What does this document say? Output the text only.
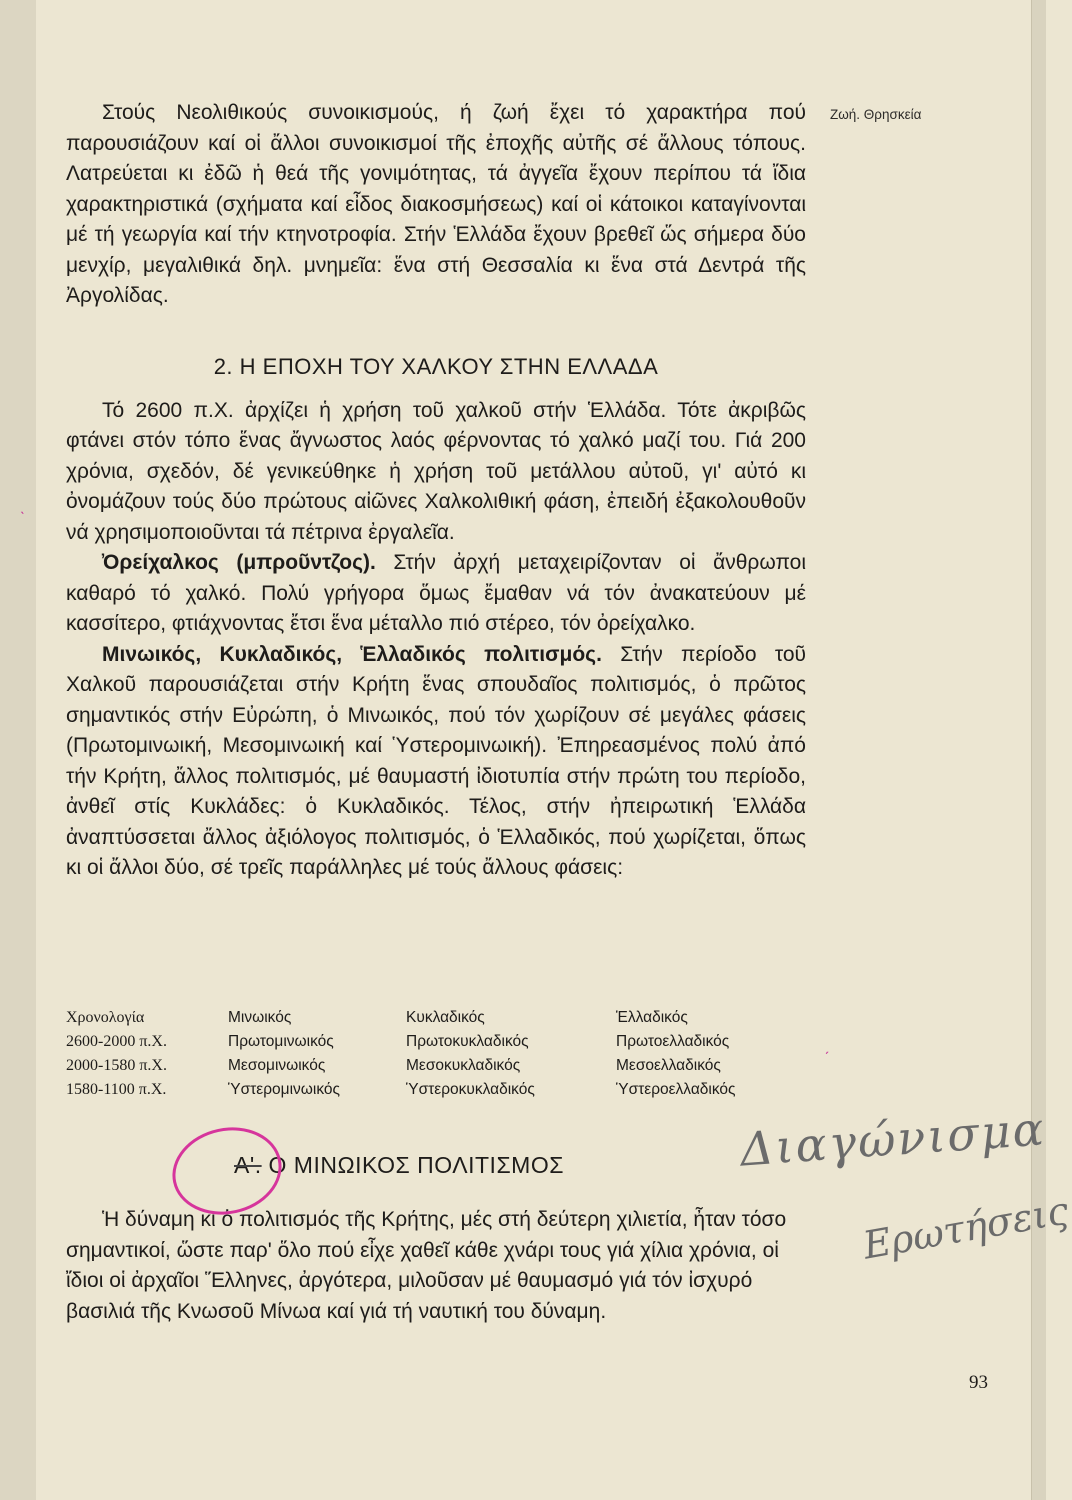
Ζωή. Θρησκεία

Στούς Νεολιθικούς συνοικισμούς, ή ζωή ἔχει τό χαρακτήρα πού παρουσιάζουν καί οἱ ἄλλοι συνοικισμοί τῆς ἐποχῆς αὐτῆς σέ ἄλλους τόπους. Λατρεύεται κι ἐδῶ ἡ θεά τῆς γονιμότητας, τά ἀγγεῖα ἔχουν περίπου τά ἴδια χαρακτηριστικά (σχήματα καί εἶδος διακοσμήσεως) καί οἱ κάτοικοι καταγίνονται μέ τή γεωργία καί τήν κτηνοτροφία. Στήν Ἑλλάδα ἔχουν βρεθεῖ ὥς σήμερα δύο μενχίρ, μεγαλιθικά δηλ. μνημεῖα: ἕνα στή Θεσσαλία κι ἕνα στά Δεντρά τῆς Ἀργολίδας.

2. Η ΕΠΟΧΗ ΤΟΥ ΧΑΛΚΟΥ ΣΤΗΝ ΕΛΛΑΔΑ

Τό 2600 π.Χ. ἀρχίζει ἡ χρήση τοῦ χαλκοῦ στήν Ἑλλάδα. Τότε ἀκριβῶς φτάνει στόν τόπο ἕνας ἄγνωστος λαός φέρνοντας τό χαλκό μαζί του. Γιά 200 χρόνια, σχεδόν, δέ γενικεύθηκε ἡ χρήση τοῦ μετάλλου αὐτοῦ, γι' αὐτό κι ὀνομάζουν τούς δύο πρώτους αἰῶνες Χαλκολιθική φάση, ἐπειδή ἐξακολουθοῦν νά χρησιμοποιοῦνται τά πέτρινα ἐργαλεῖα.

Ὀρείχαλκος (μπροῦντζος). Στήν ἀρχή μεταχειρίζονταν οἱ ἄνθρωποι καθαρό τό χαλκό. Πολύ γρήγορα ὅμως ἔμαθαν νά τόν ἀνακατεύουν μέ κασσίτερο, φτιάχνοντας ἔτσι ἕνα μέταλλο πιό στέρεο, τόν ὀρείχαλκο.

Μινωικός, Κυκλαδικός, Ἑλλαδικός πολιτισμός. Στήν περίοδο τοῦ Χαλκοῦ παρουσιάζεται στήν Κρήτη ἕνας σπουδαῖος πολιτισμός, ὁ πρῶτος σημαντικός στήν Εὐρώπη, ὁ Μινωικός, πού τόν χωρίζουν σέ μεγάλες φάσεις (Πρωτομινωική, Μεσομινωική καί Ὑστερομινωική). Ἐπηρεασμένος πολύ ἀπό τήν Κρήτη, ἄλλος πολιτισμός, μέ θαυμαστή ἰδιοτυπία στήν πρώτη του περίοδο, ἀνθεῖ στίς Κυκλάδες: ὁ Κυκλαδικός. Τέλος, στήν ἠπειρωτική Ἑλλάδα ἀναπτύσσεται ἄλλος ἀξιόλογος πολιτισμός, ὁ Ἑλλαδικός, πού χωρίζεται, ὅπως κι οἱ ἄλλοι δύο, σέ τρεῖς παράλληλες μέ τούς ἄλλους φάσεις:

Χρονολογία	Μινωικός	Κυκλαδικός	Ἑλλαδικός
2600-2000 π.Χ.	Πρωτομινωικός	Πρωτοκυκλαδικός	Πρωτοελλαδικός
2000-1580 π.Χ.	Μεσομινωικός	Μεσοκυκλαδικός	Μεσοελλαδικός
1580-1100 π.Χ.	Ὑστερομινωικός	Ὑστεροκυκλαδικός	Ὑστεροελλαδικός
Α'. Ο ΜΙΝΩΙΚΟΣ ΠΟΛΙΤΙΣΜΟΣ

Ἡ δύναμη κι ὁ πολιτισμός τῆς Κρήτης, μές στή δεύτερη χιλιετία, ἦταν τόσο σημαντικοί, ὥστε παρ' ὅλο πού εἶχε χαθεῖ κάθε χνάρι τους γιά χίλια χρόνια, οἱ ἴδιοι οἱ ἀρχαῖοι Ἕλληνες, ἀργότερα, μιλοῦσαν μέ θαυμασμό γιά τόν ἰσχυρό βασιλιά τῆς Κνωσοῦ Μίνωα καί γιά τή ναυτική του δύναμη.

ˏ
ˎ
Διαγώνισμα
Ερωτήσεις
93
